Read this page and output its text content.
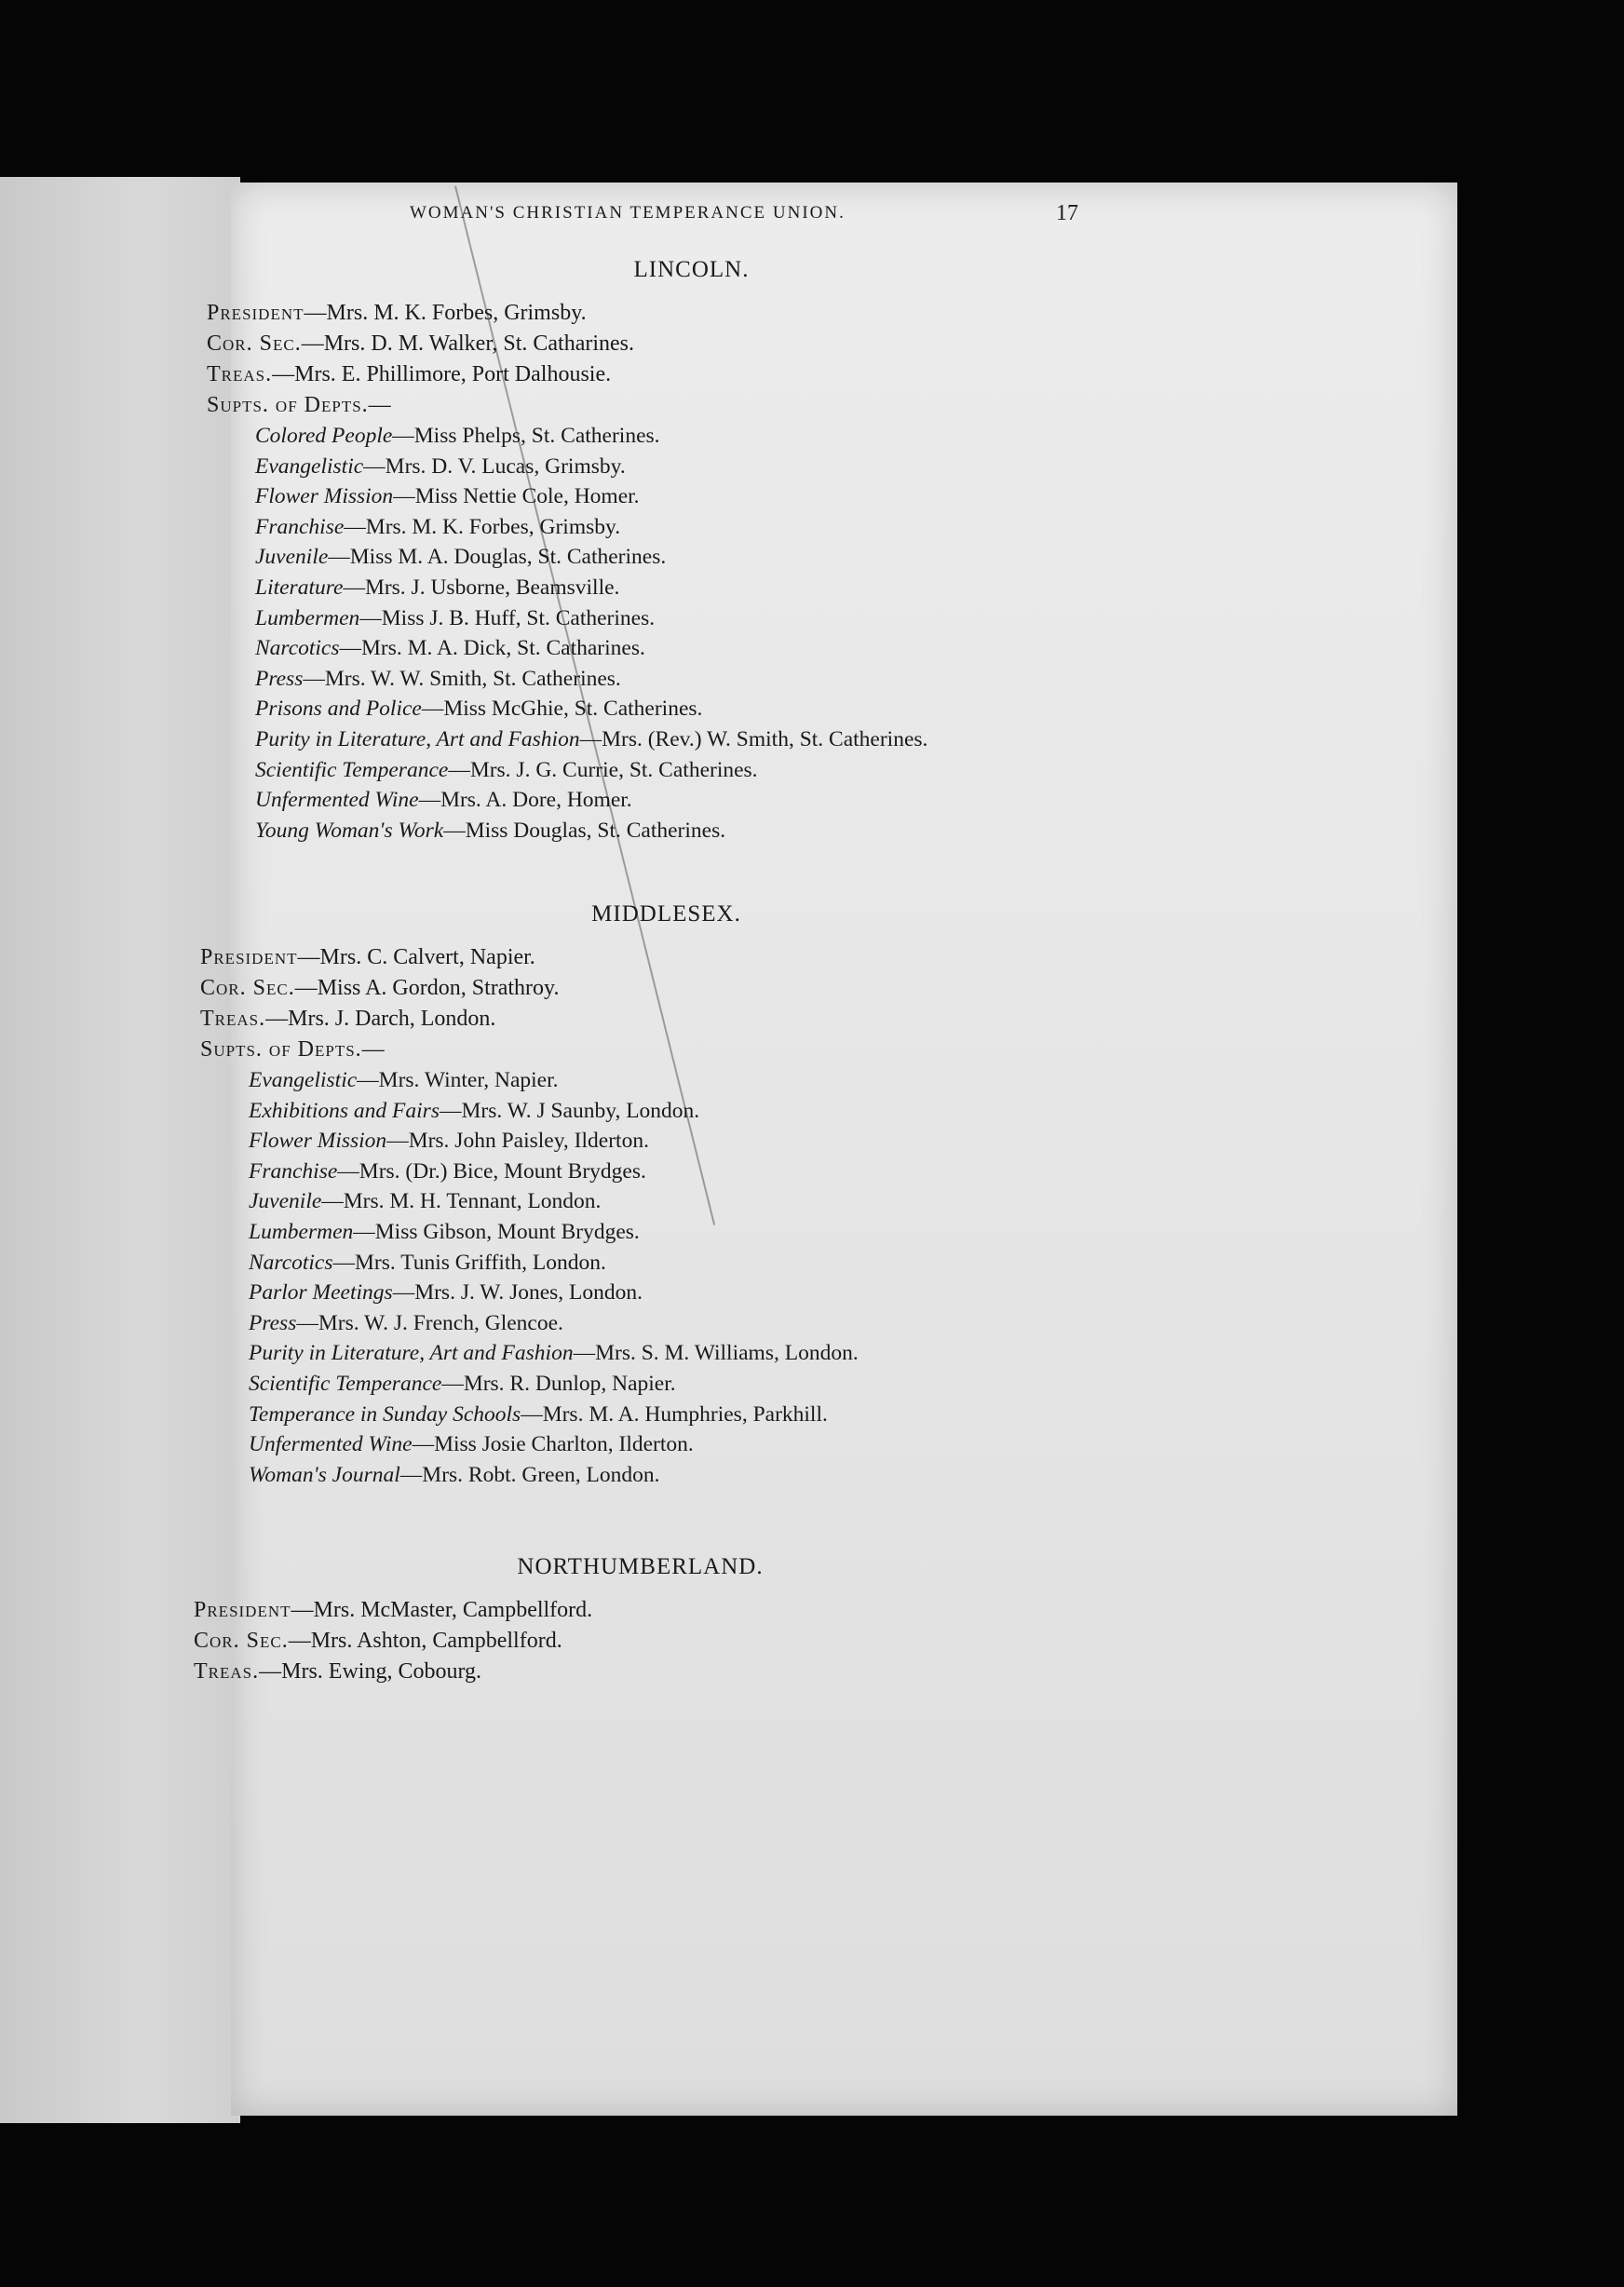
WOMAN'S CHRISTIAN TEMPERANCE UNION.	17
LINCOLN.
President—Mrs. M. K. Forbes, Grimsby.
Cor. Sec.—Mrs. D. M. Walker, St. Catharines.
Treas.—Mrs. E. Phillimore, Port Dalhousie.
Supts. of Depts.—
Colored People—Miss Phelps, St. Catherines.
Evangelistic—Mrs. D. V. Lucas, Grimsby.
Flower Mission—Miss Nettie Cole, Homer.
Franchise—Mrs. M. K. Forbes, Grimsby.
Juvenile—Miss M. A. Douglas, St. Catherines.
Literature—Mrs. J. Usborne, Beamsville.
Lumbermen—Miss J. B. Huff, St. Catherines.
Narcotics—Mrs. M. A. Dick, St. Catharines.
Press—Mrs. W. W. Smith, St. Catherines.
Prisons and Police—Miss McGhie, St. Catherines.
Purity in Literature, Art and Fashion—Mrs. (Rev.) W. Smith, St. Catherines.
Scientific Temperance—Mrs. J. G. Currie, St. Catherines.
Unfermented Wine—Mrs. A. Dore, Homer.
Young Woman's Work—Miss Douglas, St. Catherines.
MIDDLESEX.
President—Mrs. C. Calvert, Napier.
Cor. Sec.—Miss A. Gordon, Strathroy.
Treas.—Mrs. J. Darch, London.
Supts. of Depts.—
Evangelistic—Mrs. Winter, Napier.
Exhibitions and Fairs—Mrs. W. J Saunby, London.
Flower Mission—Mrs. John Paisley, Ilderton.
Franchise—Mrs. (Dr.) Bice, Mount Brydges.
Juvenile—Mrs. M. H. Tennant, London.
Lumbermen—Miss Gibson, Mount Brydges.
Narcotics—Mrs. Tunis Griffith, London.
Parlor Meetings—Mrs. J. W. Jones, London.
Press—Mrs. W. J. French, Glencoe.
Purity in Literature, Art and Fashion—Mrs. S. M. Williams, London.
Scientific Temperance—Mrs. R. Dunlop, Napier.
Temperance in Sunday Schools—Mrs. M. A. Humphries, Parkhill.
Unfermented Wine—Miss Josie Charlton, Ilderton.
Woman's Journal—Mrs. Robt. Green, London.
NORTHUMBERLAND.
President—Mrs. McMaster, Campbellford.
Cor. Sec.—Mrs. Ashton, Campbellford.
Treas.—Mrs. Ewing, Cobourg.
